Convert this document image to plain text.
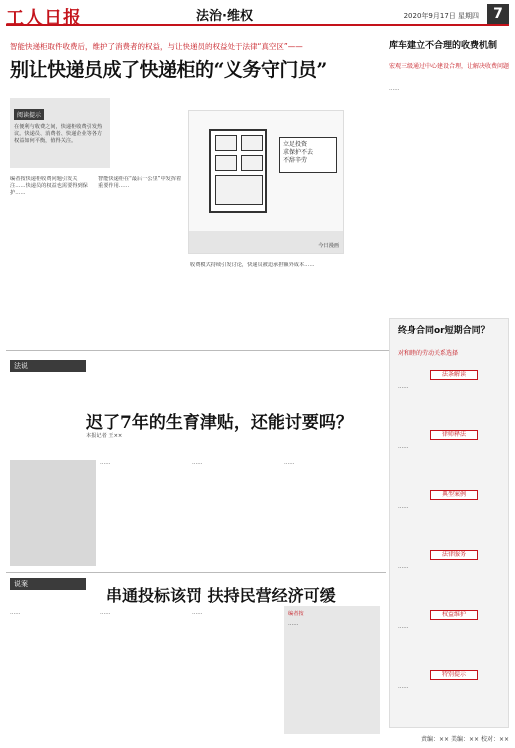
工人日报	法治·维权	2020年9月17日 星期四	7
智能快递柜取件收费后，维护了消费者的权益，与让快递员的权益处于法律“真空区”——
别让快递员成了快递柜的“义务守门员”
阅读提示
在便利与收费之间，快递柜收费引发热议。快递员、消费者、快递企业等各方权益如何平衡，值得关注。
编者按快递柜收费问题引发关注……快递员的权益也需要得到保护……
智能快递柜在“最后一公里”中发挥着重要作用……
收费模式持续引发讨论，快递员被迫承担额外成本……
立足投资
求保护不去
不辞辛劳
今日漫画
库车建立不合理的收费机制
宏观三级通过中心建设合理，让解决收费问题
……
法说
迟了7年的生育津贴，还能讨要吗？
本报记者 王××
……	……	……
说案
串通投标该罚 扶持民营经济可缓
……	……	……	编者按
……
终身合同or短期合同？
对和睦的劳动关系选择
法条解读
……
律师释法
……
典型案例
……
法律服务
……
权益维护
……
特别提示
……
责编：×× 美编：×× 校对：××
